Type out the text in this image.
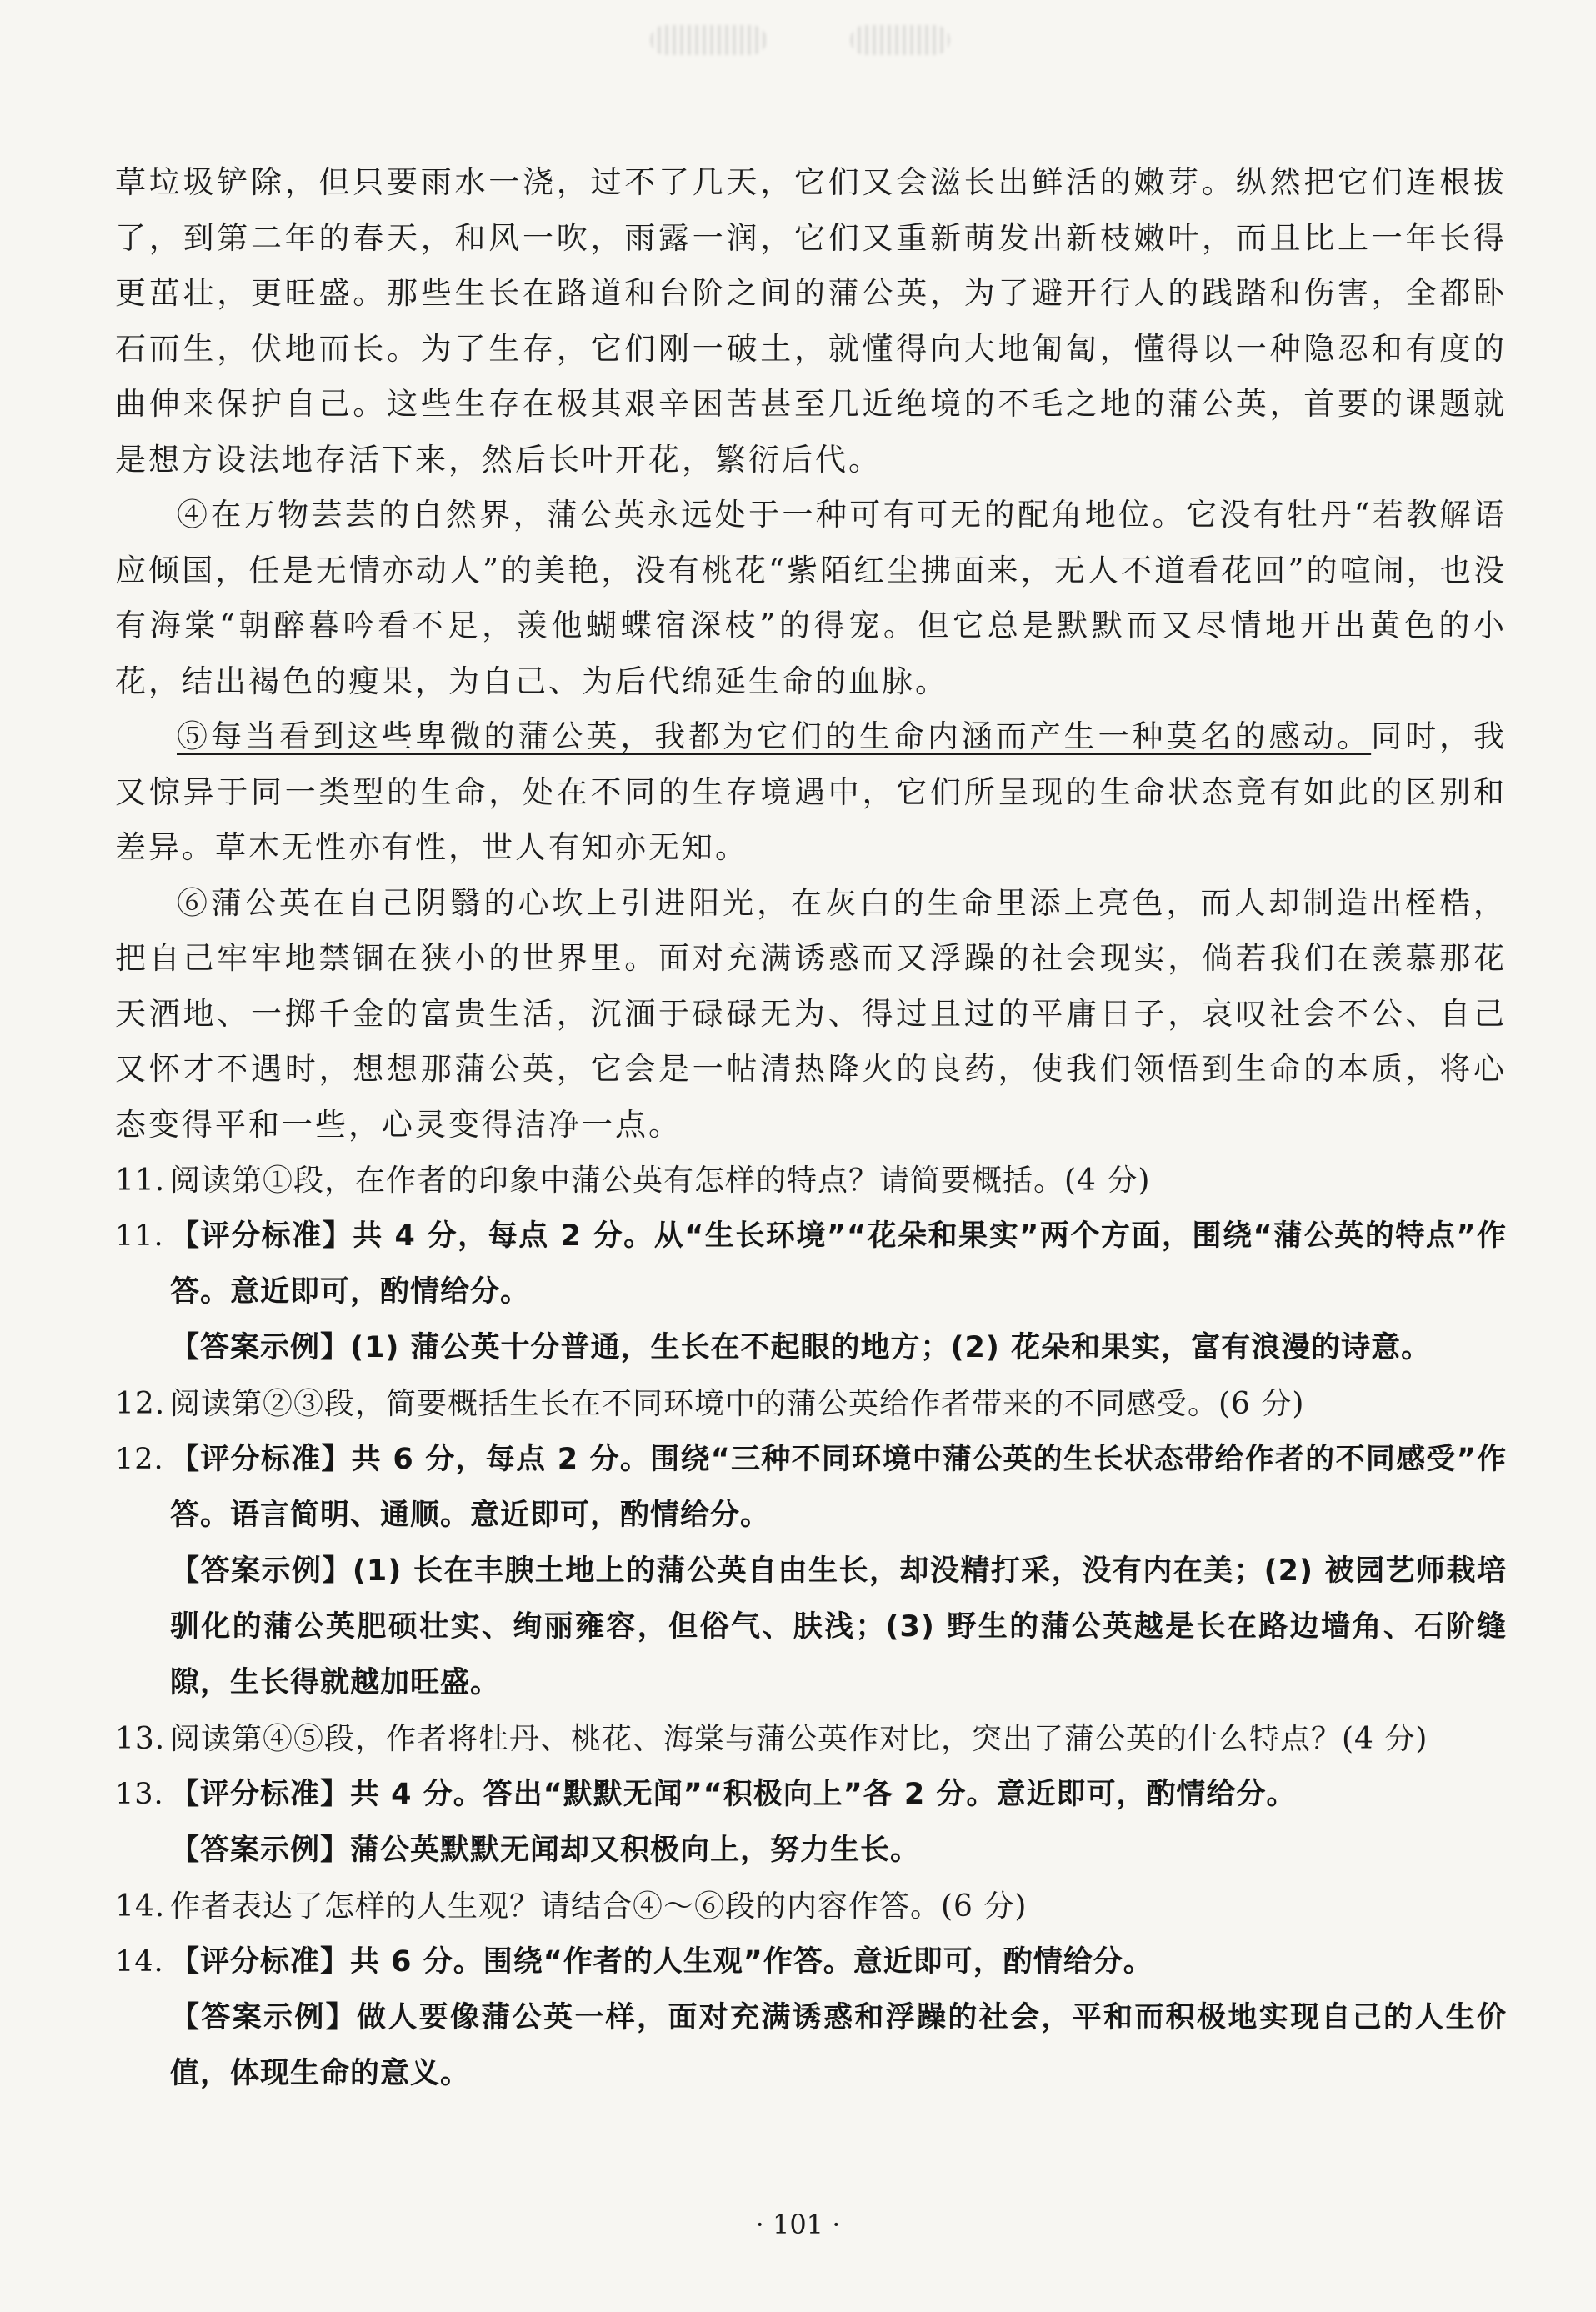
草垃圾铲除，但只要雨水一浇，过不了几天，它们又会滋长出鲜活的嫩芽。纵然把它们连根拔了，到第二年的春天，和风一吹，雨露一润，它们又重新萌发出新枝嫩叶，而且比上一年长得更茁壮，更旺盛。那些生长在路道和台阶之间的蒲公英，为了避开行人的践踏和伤害，全都卧石而生，伏地而长。为了生存，它们刚一破土，就懂得向大地匍匐，懂得以一种隐忍和有度的曲伸来保护自己。这些生存在极其艰辛困苦甚至几近绝境的不毛之地的蒲公英，首要的课题就是想方设法地存活下来，然后长叶开花，繁衍后代。

④在万物芸芸的自然界，蒲公英永远处于一种可有可无的配角地位。它没有牡丹“若教解语应倾国，任是无情亦动人”的美艳，没有桃花“紫陌红尘拂面来，无人不道看花回”的喧闹，也没有海棠“朝醉暮吟看不足，羡他蝴蝶宿深枝”的得宠。但它总是默默而又尽情地开出黄色的小花，结出褐色的瘦果，为自己、为后代绵延生命的血脉。

⑤每当看到这些卑微的蒲公英，我都为它们的生命内涵而产生一种莫名的感动。同时，我又惊异于同一类型的生命，处在不同的生存境遇中，它们所呈现的生命状态竟有如此的区别和差异。草木无性亦有性，世人有知亦无知。

⑥蒲公英在自己阴翳的心坎上引进阳光，在灰白的生命里添上亮色，而人却制造出桎梏，把自己牢牢地禁锢在狭小的世界里。面对充满诱惑而又浮躁的社会现实，倘若我们在羡慕那花天酒地、一掷千金的富贵生活，沉湎于碌碌无为、得过且过的平庸日子，哀叹社会不公、自己又怀才不遇时，想想那蒲公英，它会是一帖清热降火的良药，使我们领悟到生命的本质，将心态变得平和一些，心灵变得洁净一点。

11. 阅读第①段，在作者的印象中蒲公英有怎样的特点？请简要概括。(4 分)
11. 【评分标准】共 4 分，每点 2 分。从“生长环境”“花朵和果实”两个方面，围绕“蒲公英的特点”作答。意近即可，酌情给分。

【答案示例】(1) 蒲公英十分普通，生长在不起眼的地方；(2) 花朵和果实，富有浪漫的诗意。

12. 阅读第②③段，简要概括生长在不同环境中的蒲公英给作者带来的不同感受。(6 分)
12. 【评分标准】共 6 分，每点 2 分。围绕“三种不同环境中蒲公英的生长状态带给作者的不同感受”作答。语言简明、通顺。意近即可，酌情给分。

【答案示例】(1) 长在丰腴土地上的蒲公英自由生长，却没精打采，没有内在美；(2) 被园艺师栽培驯化的蒲公英肥硕壮实、绚丽雍容，但俗气、肤浅；(3) 野生的蒲公英越是长在路边墙角、石阶缝隙，生长得就越加旺盛。

13. 阅读第④⑤段，作者将牡丹、桃花、海棠与蒲公英作对比，突出了蒲公英的什么特点？(4 分)
13. 【评分标准】共 4 分。答出“默默无闻”“积极向上”各 2 分。意近即可，酌情给分。

【答案示例】蒲公英默默无闻却又积极向上，努力生长。

14. 作者表达了怎样的人生观？请结合④～⑥段的内容作答。(6 分)
14. 【评分标准】共 6 分。围绕“作者的人生观”作答。意近即可，酌情给分。

【答案示例】做人要像蒲公英一样，面对充满诱惑和浮躁的社会，平和而积极地实现自己的人生价值，体现生命的意义。

· 101 ·
